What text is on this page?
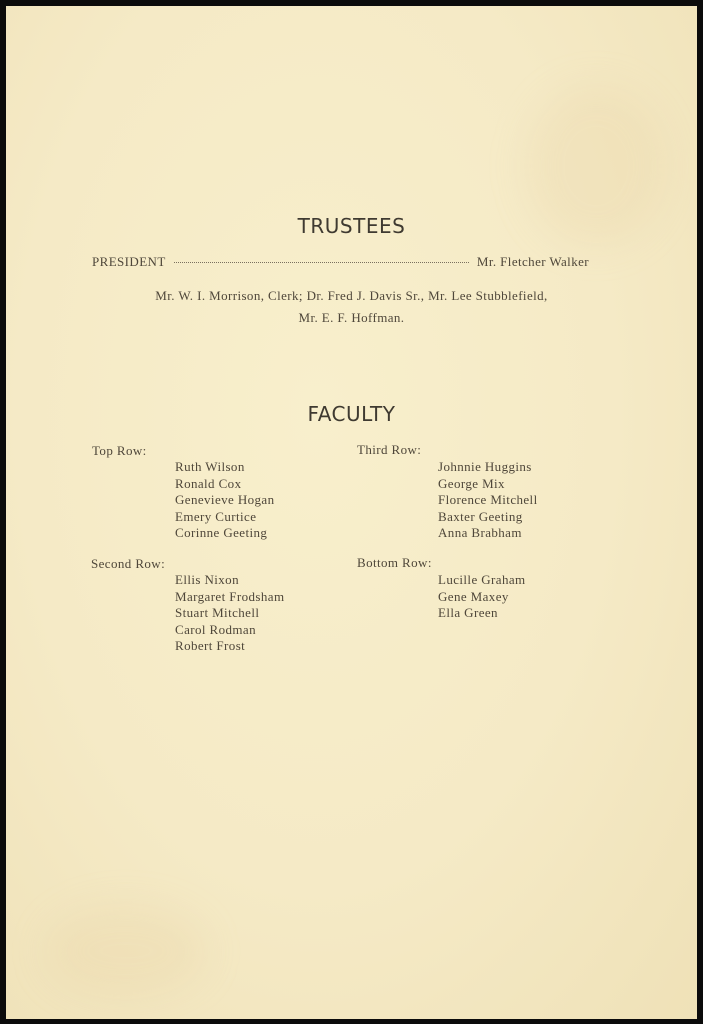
TRUSTEES
PRESIDENT	Mr. Fletcher Walker
Mr. W. I. Morrison, Clerk; Dr. Fred J. Davis Sr., Mr. Lee Stubblefield,
Mr. E. F. Hoffman.
FACULTY
Top Row:
Ruth Wilson
Ronald Cox
Genevieve Hogan
Emery Curtice
Corinne Geeting
Third Row:
Johnnie Huggins
George Mix
Florence Mitchell
Baxter Geeting
Anna Brabham
Second Row:
Ellis Nixon
Margaret Frodsham
Stuart Mitchell
Carol Rodman
Robert Frost
Bottom Row:
Lucille Graham
Gene Maxey
Ella Green
